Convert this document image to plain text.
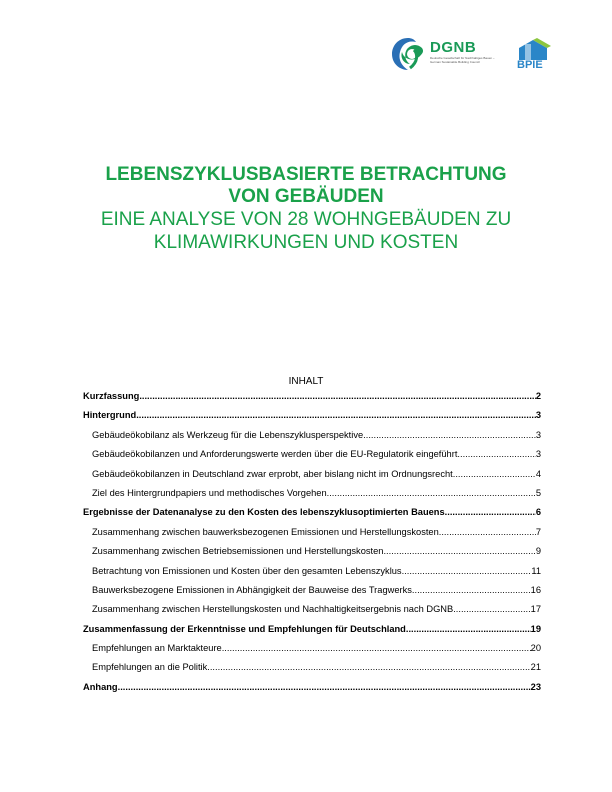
DGNB
Deutsche Gesellschaft für Nachhaltiges Bauen – German Sustainable Building Council	BPIE

LEBENSZYKLUSBASIERTE BETRACHTUNG

VON GEBÄUDEN

EINE ANALYSE VON 28 WOHNGEBÄUDEN ZU

KLIMAWIRKUNGEN UND KOSTEN

INHALT
Kurzfassung .....	2
Hintergrund .....	3
Gebäudeökobilanz als Werkzeug für die Lebenszyklusperspektive .....	3
Gebäudeökobilanzen und Anforderungswerte werden über die EU-Regulatorik eingeführt .....	3
Gebäudeökobilanzen in Deutschland zwar erprobt, aber bislang nicht im Ordnungsrecht .....	4
Ziel des Hintergrundpapiers und methodisches Vorgehen .....	5
Ergebnisse der Datenanalyse zu den Kosten des lebenszyklusoptimierten Bauens .....	6
Zusammenhang zwischen bauwerksbezogenen Emissionen und Herstellungskosten .....	7
Zusammenhang zwischen Betriebsemissionen und Herstellungskosten .....	9
Betrachtung von Emissionen und Kosten über den gesamten Lebenszyklus .....	11
Bauwerksbezogene Emissionen in Abhängigkeit der Bauweise des Tragwerks .....	16
Zusammenhang zwischen Herstellungskosten und Nachhaltigkeitsergebnis nach DGNB .....	17
Zusammenfassung der Erkenntnisse und Empfehlungen für Deutschland .....	19
Empfehlungen an Marktakteure .....	20
Empfehlungen an die Politik .....	21
Anhang .....	23
